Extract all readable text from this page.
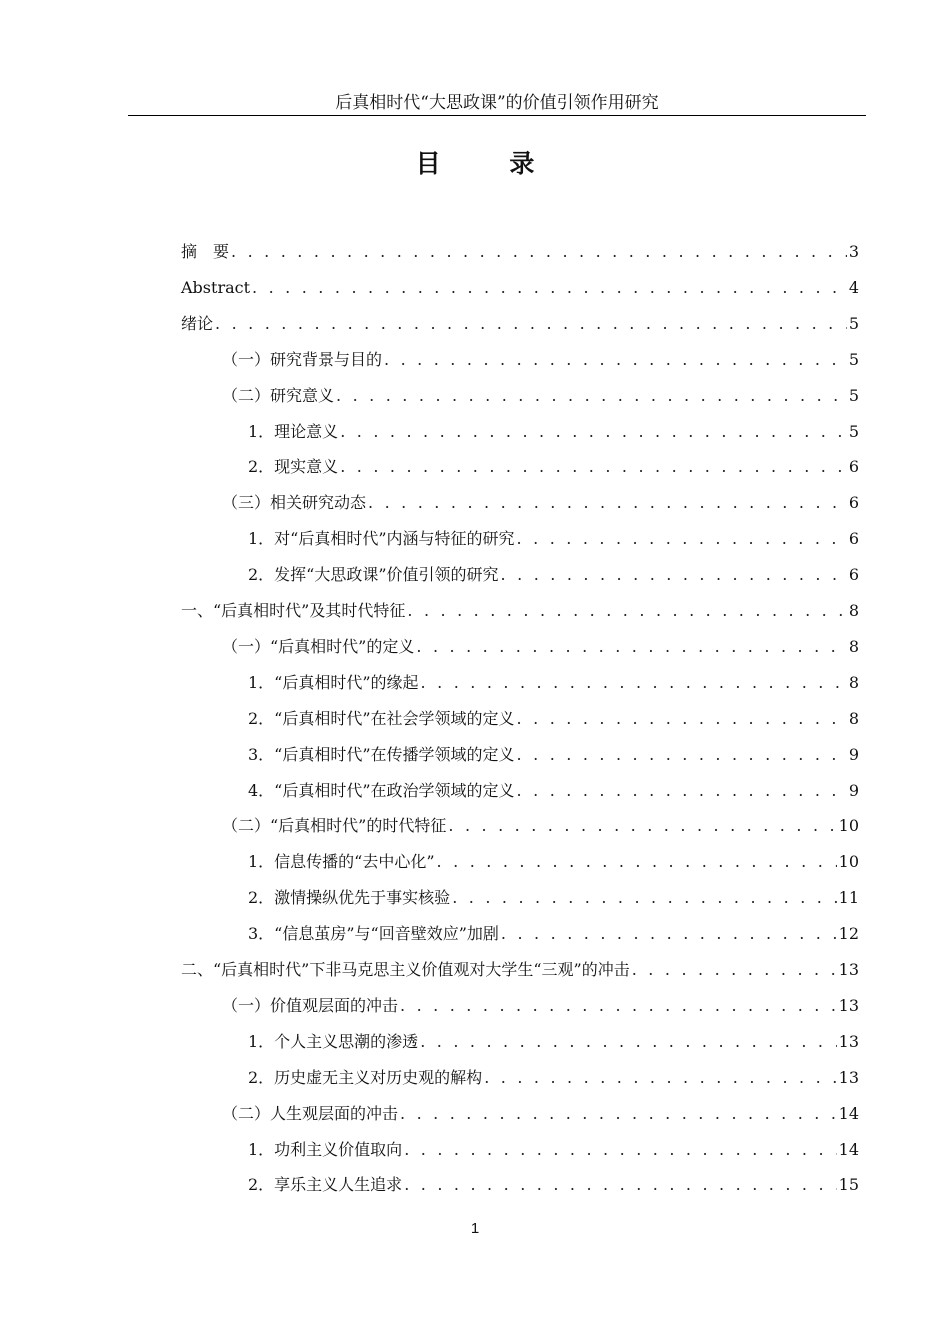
后真相时代“大思政课”的价值引领作用研究
目 录
摘　要 . . .	3
Abstract . . .	4
绪论 . . .	5
（一）研究背景与目的 . . .	5
（二）研究意义 . . .	5
1．理论意义 . . .	5
2．现实意义 . . .	6
（三）相关研究动态 . . .	6
1．对“后真相时代”内涵与特征的研究 . . .	6
2．发挥“大思政课”价值引领的研究 . . .	6
一、“后真相时代”及其时代特征 . . .	8
（一）“后真相时代”的定义 . . .	8
1．“后真相时代”的缘起 . . .	8
2．“后真相时代”在社会学领域的定义 . . .	8
3．“后真相时代”在传播学领域的定义 . . .	9
4．“后真相时代”在政治学领域的定义 . . .	9
（二）“后真相时代”的时代特征 . . .	10
1．信息传播的“去中心化” . . .	10
2．激情操纵优先于事实核验 . . .	11
3．“信息茧房”与“回音壁效应”加剧 . . .	12
二、“后真相时代”下非马克思主义价值观对大学生“三观”的冲击 . . .	13
（一）价值观层面的冲击 . . .	13
1．个人主义思潮的渗透 . . .	13
2．历史虚无主义对历史观的解构 . . .	13
（二）人生观层面的冲击 . . .	14
1．功利主义价值取向 . . .	14
2．享乐主义人生追求 . . .	15
1
